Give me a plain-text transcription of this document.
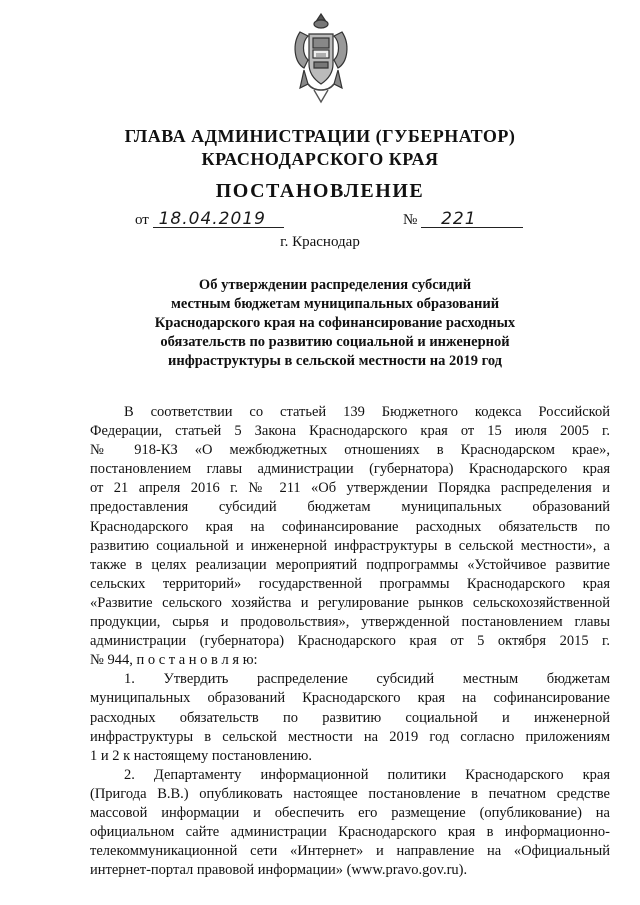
ГЛАВА АДМИНИСТРАЦИИ (ГУБЕРНАТОР)
КРАСНОДАРСКОГО КРАЯ
ПОСТАНОВЛЕНИЕ
от 18.04.2019	№ 221
г. Краснодар
Об утверждении распределения субсидий
местным бюджетам муниципальных образований
Краснодарского края на софинансирование расходных
обязательств по развитию социальной и инженерной
инфраструктуры в сельской местности на 2019 год

В соответствии со статьей 139 Бюджетного кодекса Российской

Федерации, статьей 5 Закона Краснодарского края от 15 июля 2005 г.

№ 918-КЗ «О межбюджетных отношениях в Краснодарском крае»,

постановлением главы администрации (губернатора) Краснодарского края

от 21 апреля 2016 г. № 211 «Об утверждении Порядка распределения и

предоставления субсидий бюджетам муниципальных образований

Краснодарского края на софинансирование расходных обязательств по

развитию социальной и инженерной инфраструктуры в сельской местности», а

также в целях реализации мероприятий подпрограммы «Устойчивое развитие

сельских территорий» государственной программы Краснодарского края

«Развитие сельского хозяйства и регулирование рынков сельскохозяйственной

продукции, сырья и продовольствия», утвержденной постановлением главы

администрации (губернатора) Краснодарского края от 5 октября 2015 г.

№ 944, п о с т а н о в л я ю:

1. Утвердить распределение субсидий местным бюджетам

муниципальных образований Краснодарского края на софинансирование

расходных обязательств по развитию социальной и инженерной

инфраструктуры в сельской местности на 2019 год согласно приложениям

1 и 2 к настоящему постановлению.

2. Департаменту информационной политики Краснодарского края

(Пригода В.В.) опубликовать настоящее постановление в печатном средстве

массовой информации и обеспечить его размещение (опубликование) на

официальном сайте администрации Краснодарского края в информационно-

телекоммуникационной сети «Интернет» и направление на «Официальный

интернет-портал правовой информации» (www.pravo.gov.ru).
